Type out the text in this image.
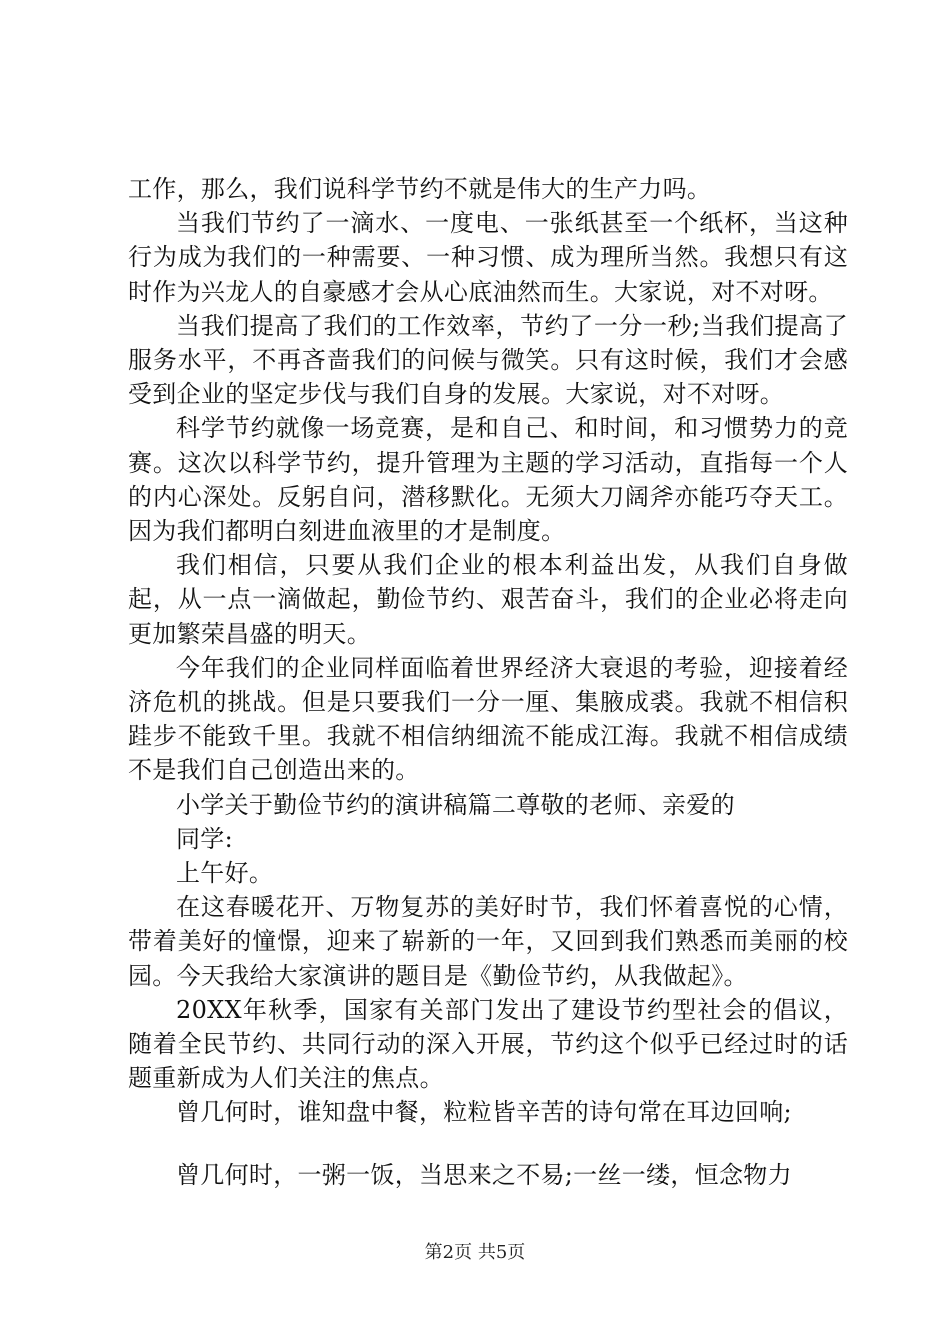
工作，那么，我们说科学节约不就是伟大的生产力吗。

当我们节约了一滴水、一度电、一张纸甚至一个纸杯，当这种行为成为我们的一种需要、一种习惯、成为理所当然。我想只有这时作为兴龙人的自豪感才会从心底油然而生。大家说，对不对呀。

当我们提高了我们的工作效率，节约了一分一秒;当我们提高了服务水平，不再吝啬我们的问候与微笑。只有这时候，我们才会感受到企业的坚定步伐与我们自身的发展。大家说，对不对呀。

科学节约就像一场竞赛，是和自己、和时间，和习惯势力的竞赛。这次以科学节约，提升管理为主题的学习活动，直指每一个人的内心深处。反躬自问，潜移默化。无须大刀阔斧亦能巧夺天工。因为我们都明白刻进血液里的才是制度。

我们相信，只要从我们企业的根本利益出发，从我们自身做起，从一点一滴做起，勤俭节约、艰苦奋斗，我们的企业必将走向更加繁荣昌盛的明天。

今年我们的企业同样面临着世界经济大衰退的考验，迎接着经济危机的挑战。但是只要我们一分一厘、集腋成裘。我就不相信积跬步不能致千里。我就不相信纳细流不能成江海。我就不相信成绩不是我们自己创造出来的。

小学关于勤俭节约的演讲稿篇二尊敬的老师、亲爱的

同学:

上午好。

在这春暖花开、万物复苏的美好时节，我们怀着喜悦的心情，带着美好的憧憬，迎来了崭新的一年，又回到我们熟悉而美丽的校园。今天我给大家演讲的题目是《勤俭节约，从我做起》。

20XX年秋季，国家有关部门发出了建设节约型社会的倡议，随着全民节约、共同行动的深入开展，节约这个似乎已经过时的话题重新成为人们关注的焦点。

曾几何时，谁知盘中餐，粒粒皆辛苦的诗句常在耳边回响;

曾几何时，一粥一饭，当思来之不易;一丝一缕，恒念物力

第2页 共5页
